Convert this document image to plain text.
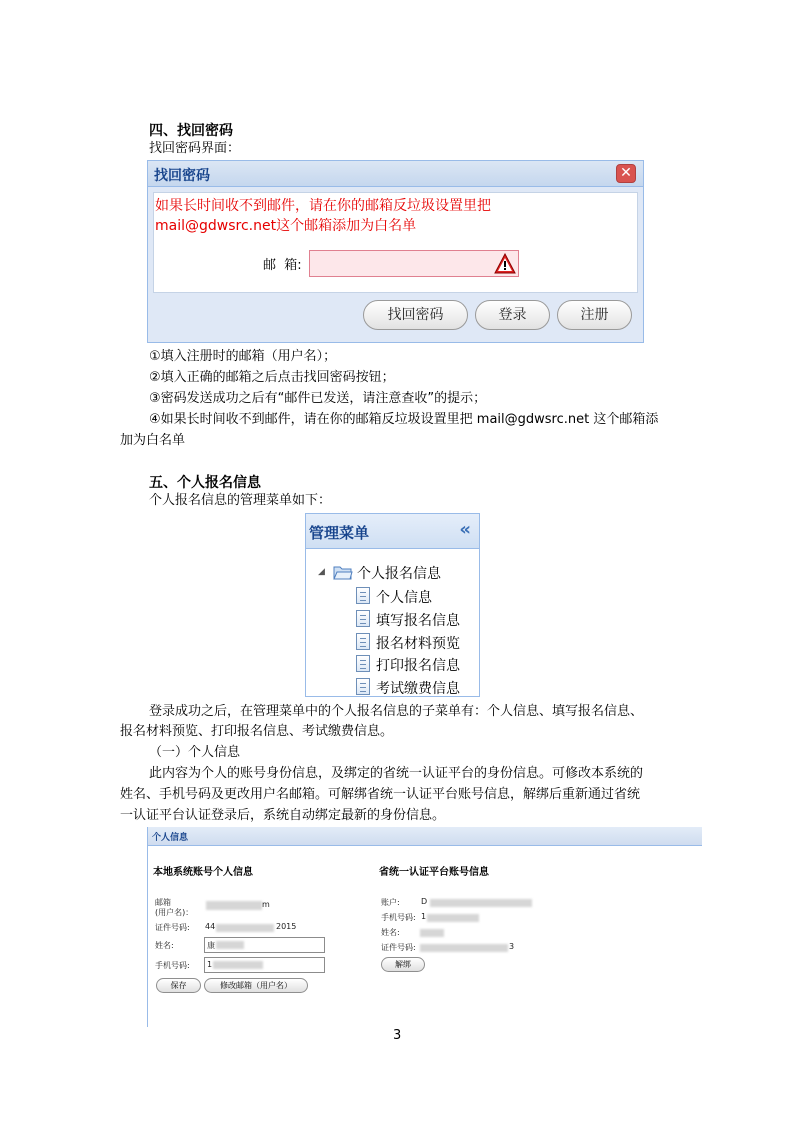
四、找回密码
找回密码界面：
找回密码	✕
如果长时间收不到邮件，请在你的邮箱反垃圾设置里把
mail@gdwsrc.net这个邮箱添加为白名单
邮  箱:
找回密码	登录	注册
①填入注册时的邮箱（用户名）；
②填入正确的邮箱之后点击找回密码按钮；
③密码发送成功之后有“邮件已发送，请注意查收”的提示；
④如果长时间收不到邮件，请在你的邮箱反垃圾设置里把 mail@gdwsrc.net 这个邮箱添
加为白名单
五、个人报名信息
个人报名信息的管理菜单如下：
管理菜单	«
◢ 个人报名信息
个人信息
填写报名信息
报名材料预览
打印报名信息
考试缴费信息
登录成功之后，在管理菜单中的个人报名信息的子菜单有：个人信息、填写报名信息、
报名材料预览、打印报名信息、考试缴费信息。
（一）个人信息
此内容为个人的账号身份信息，及绑定的省统一认证平台的身份信息。可修改本系统的
姓名、手机号码及更改用户名邮箱。可解绑省统一认证平台账号信息，解绑后重新通过省统
一认证平台认证登录后，系统自动绑定最新的身份信息。
个人信息
本地系统账号个人信息	省统一认证平台账号信息
邮箱
(用户名)：
m
证件号码: 44	2015
姓名:	康
手机号码: 1
保存	修改邮箱（用户名）
账户:	D
手机号码: 1
姓名:
证件号码:	3
解绑
3
